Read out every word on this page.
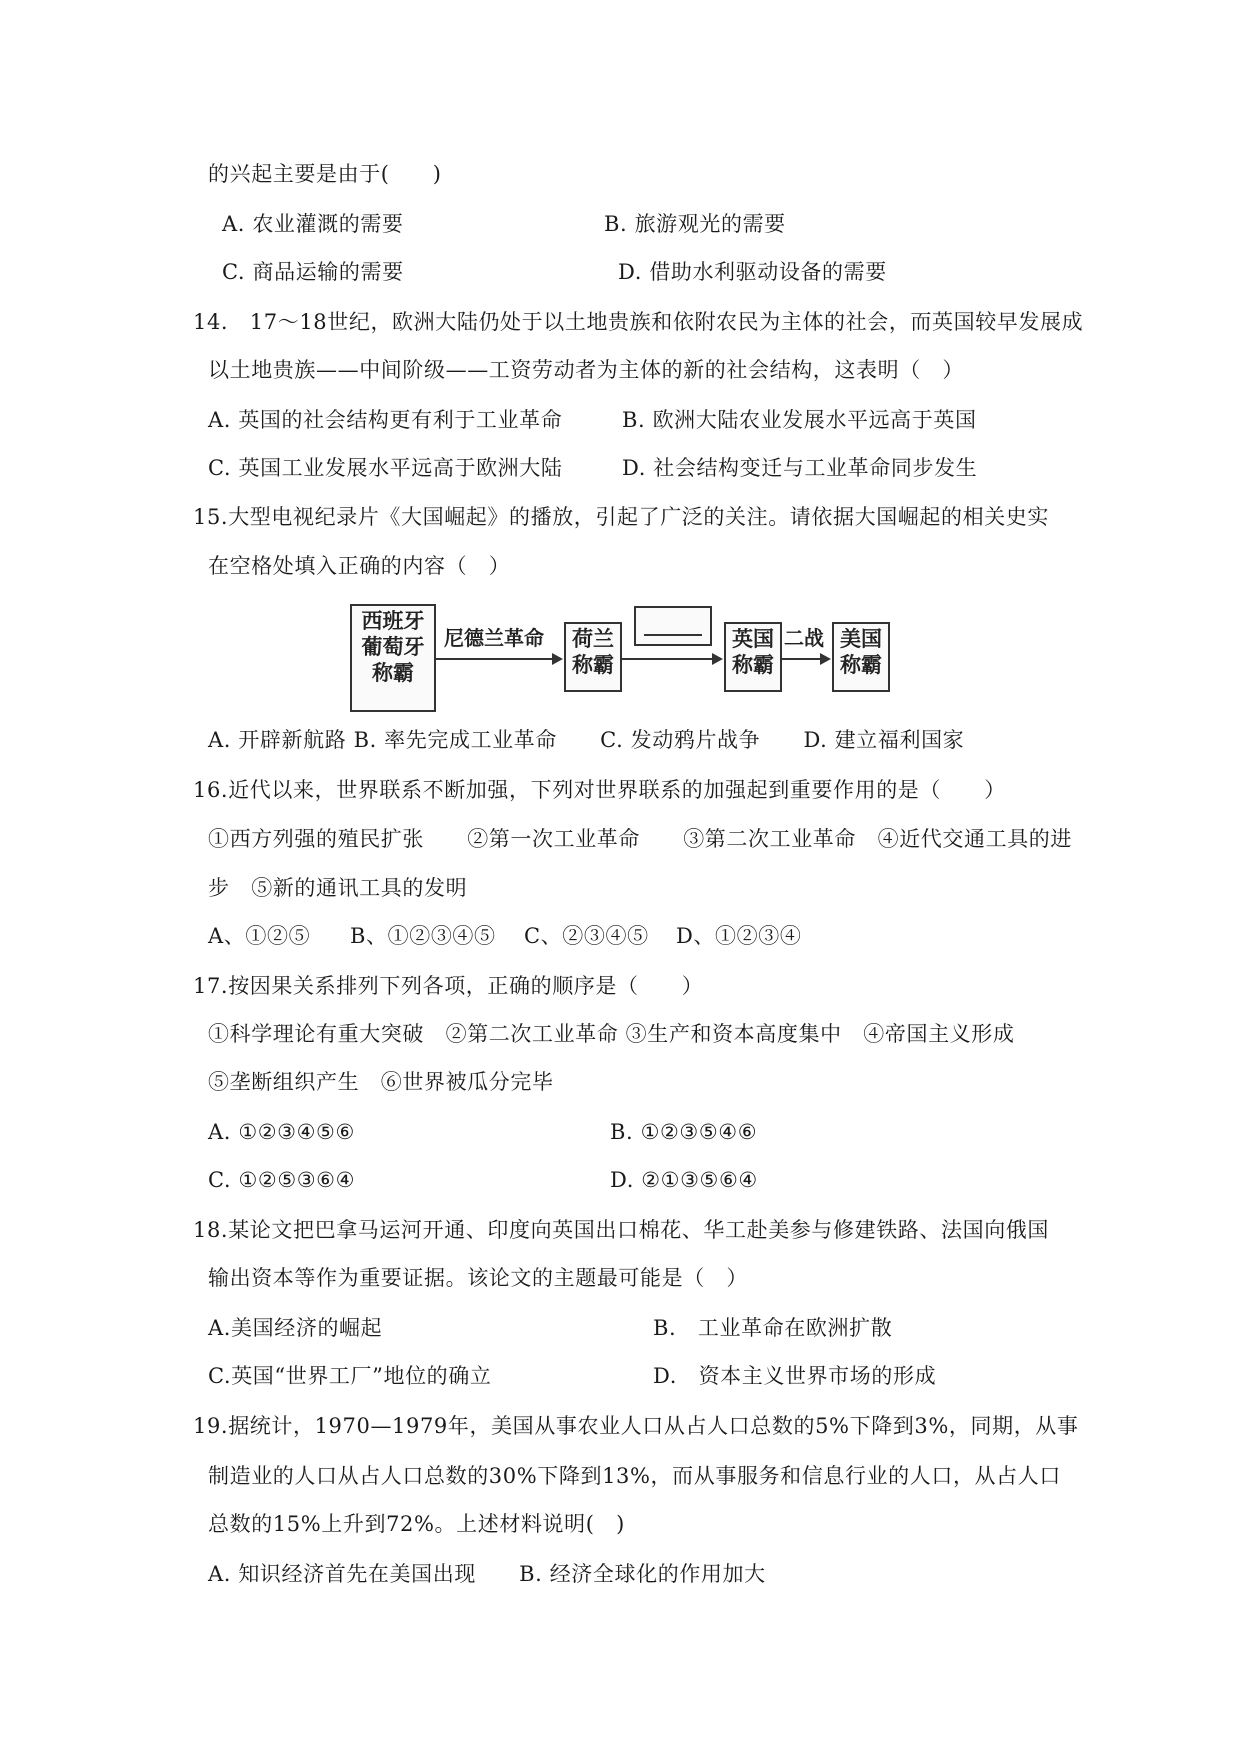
的兴起主要是由于(　　)
A. 农业灌溉的需要	B. 旅游观光的需要
C. 商品运输的需要	D. 借助水利驱动设备的需要
14.　17～18世纪，欧洲大陆仍处于以土地贵族和依附农民为主体的社会，而英国较早发展成
以土地贵族——中间阶级——工资劳动者为主体的新的社会结构，这表明（　）
A. 英国的社会结构更有利于工业革命	B. 欧洲大陆农业发展水平远高于英国
C. 英国工业发展水平远高于欧洲大陆	D. 社会结构变迁与工业革命同步发生
15.大型电视纪录片《大国崛起》的播放，引起了广泛的关注。请依据大国崛起的相关史实
在空格处填入正确的内容（　）
西班牙
葡萄牙
称霸
尼德兰革命 荷兰
称霸
英国
称霸
二战 美国
称霸
A. 开辟新航路 B. 率先完成工业革命　　C. 发动鸦片战争　　D. 建立福利国家
16.近代以来，世界联系不断加强，下列对世界联系的加强起到重要作用的是（　　）
①西方列强的殖民扩张　　②第一次工业革命　　③第二次工业革命　④近代交通工具的进
步　⑤新的通讯工具的发明
A、①②⑤ B、①②③④⑤ C、②③④⑤ D、①②③④
17.按因果关系排列下列各项，正确的顺序是（　　）
①科学理论有重大突破　②第二次工业革命 ③生产和资本高度集中　④帝国主义形成
⑤垄断组织产生　⑥世界被瓜分完毕
A. ①②③④⑤⑥	B. ①②③⑤④⑥
C. ①②⑤③⑥④	D. ②①③⑤⑥④
18.某论文把巴拿马运河开通、印度向英国出口棉花、华工赴美参与修建铁路、法国向俄国
输出资本等作为重要证据。该论文的主题最可能是（　）
A.美国经济的崛起	B.　工业革命在欧洲扩散
C.英国“世界工厂”地位的确立	D.　资本主义世界市场的形成
19.据统计，1970—1979年，美国从事农业人口从占人口总数的5%下降到3%，同期，从事
制造业的人口从占人口总数的30%下降到13%，而从事服务和信息行业的人口，从占人口
总数的15%上升到72%。上述材料说明(　)
A. 知识经济首先在美国出现　　B. 经济全球化的作用加大
